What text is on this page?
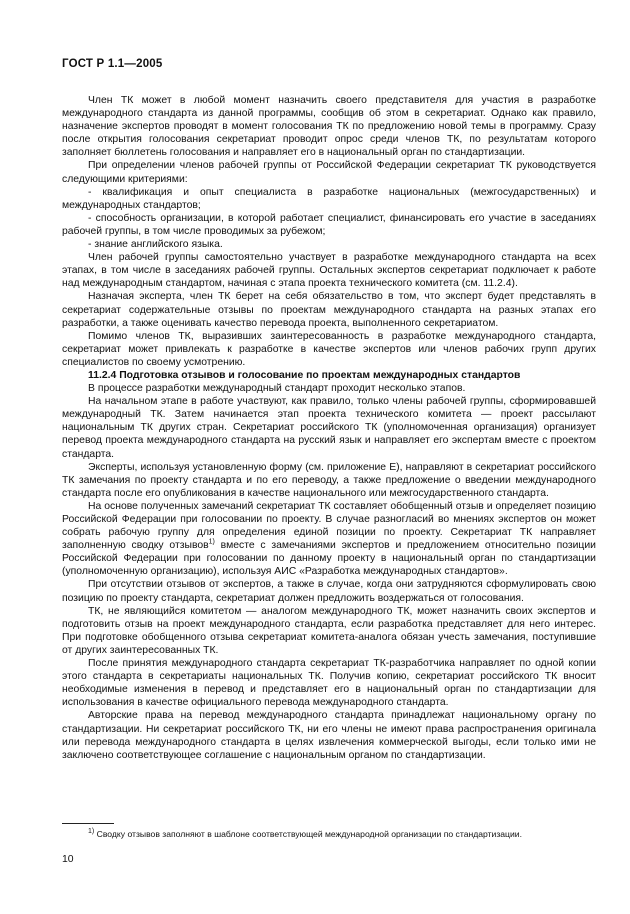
ГОСТ Р 1.1—2005

Член ТК может в любой момент назначить своего представителя для участия в разработке международного стандарта из данной программы, сообщив об этом в секретариат. Однако как правило, назначение экспертов проводят в момент голосования ТК по предложению новой темы в программу. Сразу после открытия голосования секретариат проводит опрос среди членов ТК, по результатам которого заполняет бюллетень голосования и направляет его в национальный орган по стандартизации.

При определении членов рабочей группы от Российской Федерации секретариат ТК руководствуется следующими критериями:

- квалификация и опыт специалиста в разработке национальных (межгосударственных) и международных стандартов;

- способность организации, в которой работает специалист, финансировать его участие в заседаниях рабочей группы, в том числе проводимых за рубежом;

- знание английского языка.

Член рабочей группы самостоятельно участвует в разработке международного стандарта на всех этапах, в том числе в заседаниях рабочей группы. Остальных экспертов секретариат подключает к работе над международным стандартом, начиная с этапа проекта технического комитета (см. 11.2.4).

Назначая эксперта, член ТК берет на себя обязательство в том, что эксперт будет представлять в секретариат содержательные отзывы по проектам международного стандарта на разных этапах его разработки, а также оценивать качество перевода проекта, выполненного секретариатом.

Помимо членов ТК, выразивших заинтересованность в разработке международного стандарта, секретариат может привлекать к разработке в качестве экспертов или членов рабочих групп других специалистов по своему усмотрению.

11.2.4 Подготовка отзывов и голосование по проектам международных стандартов

В процессе разработки международный стандарт проходит несколько этапов.

На начальном этапе в работе участвуют, как правило, только члены рабочей группы, сформировавшей международный ТК. Затем начинается этап проекта технического комитета — проект рассылают национальным ТК других стран. Секретариат российского ТК (уполномоченная организация) организует перевод проекта международного стандарта на русский язык и направляет его экспертам вместе с проектом стандарта.

Эксперты, используя установленную форму (см. приложение Е), направляют в секретариат российского ТК замечания по проекту стандарта и по его переводу, а также предложение о введении международного стандарта после его опубликования в качестве национального или межгосударственного стандарта.

На основе полученных замечаний секретариат ТК составляет обобщенный отзыв и определяет позицию Российской Федерации при голосовании по проекту. В случае разногласий во мнениях экспертов он может собрать рабочую группу для определения единой позиции по проекту. Секретариат ТК направляет заполненную сводку отзывов$^{1)}$ вместе с замечаниями экспертов и предложением относительно позиции Российской Федерации при голосовании по данному проекту в национальный орган по стандартизации (уполномоченную организацию), используя АИС «Разработка международных стандартов».

При отсутствии отзывов от экспертов, а также в случае, когда они затрудняются сформулировать свою позицию по проекту стандарта, секретариат должен предложить воздержаться от голосования.

ТК, не являющийся комитетом — аналогом международного ТК, может назначить своих экспертов и подготовить отзыв на проект международного стандарта, если разработка представляет для него интерес. При подготовке обобщенного отзыва секретариат комитета-аналога обязан учесть замечания, поступившие от других заинтересованных ТК.

После принятия международного стандарта секретариат ТК-разработчика направляет по одной копии этого стандарта в секретариаты национальных ТК. Получив копию, секретариат российского ТК вносит необходимые изменения в перевод и представляет его в национальный орган по стандартизации для использования в качестве официального перевода международного стандарта.

Авторские права на перевод международного стандарта принадлежат национальному органу по стандартизации. Ни секретариат российского ТК, ни его члены не имеют права распространения оригинала или перевода международного стандарта в целях извлечения коммерческой выгоды, если только ими не заключено соответствующее соглашение с национальным органом по стандартизации.

$^{1)}$ Сводку отзывов заполняют в шаблоне соответствующей международной организации по стандартизации.
10
